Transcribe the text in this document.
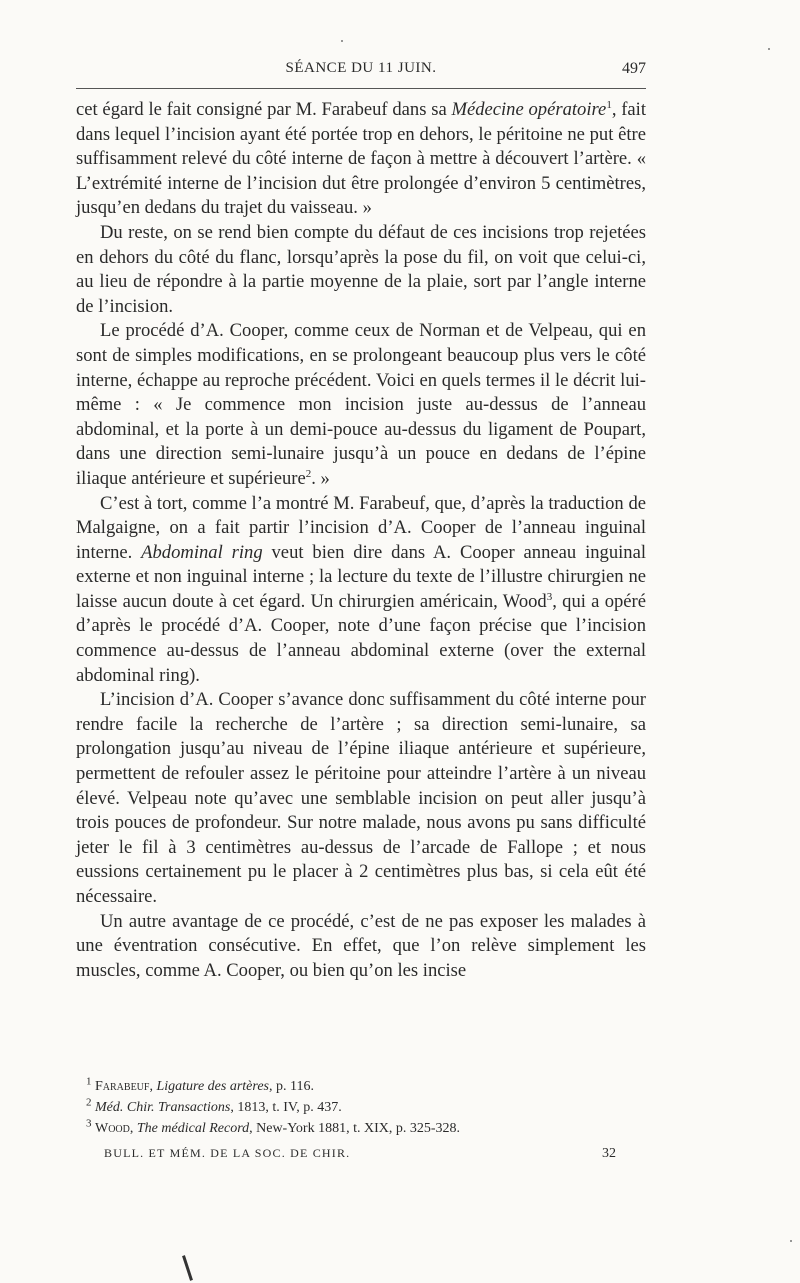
SÉANCE DU 11 JUIN.	497

cet égard le fait consigné par M. Farabeuf dans sa Médecine opératoire$^1$, fait dans lequel l’incision ayant été portée trop en dehors, le péritoine ne put être suffisamment relevé du côté interne de façon à mettre à découvert l’artère. « L’extrémité interne de l’incision dut être prolongée d’environ 5 centimètres, jusqu’en dedans du trajet du vaisseau. »

Du reste, on se rend bien compte du défaut de ces incisions trop rejetées en dehors du côté du flanc, lorsqu’après la pose du fil, on voit que celui-ci, au lieu de répondre à la partie moyenne de la plaie, sort par l’angle interne de l’incision.

Le procédé d’A. Cooper, comme ceux de Norman et de Velpeau, qui en sont de simples modifications, en se prolongeant beaucoup plus vers le côté interne, échappe au reproche précédent. Voici en quels termes il le décrit lui-même : « Je commence mon incision juste au-dessus de l’anneau abdominal, et la porte à un demi-pouce au-dessus du ligament de Poupart, dans une direction semi-lunaire jusqu’à un pouce en dedans de l’épine iliaque antérieure et supérieure$^2$. »

C’est à tort, comme l’a montré M. Farabeuf, que, d’après la traduction de Malgaigne, on a fait partir l’incision d’A. Cooper de l’anneau inguinal interne. Abdominal ring veut bien dire dans A. Cooper anneau inguinal externe et non inguinal interne ; la lecture du texte de l’illustre chirurgien ne laisse aucun doute à cet égard. Un chirurgien américain, Wood$^3$, qui a opéré d’après le procédé d’A. Cooper, note d’une façon précise que l’incision commence au-dessus de l’anneau abdominal externe (over the external abdominal ring).

L’incision d’A. Cooper s’avance donc suffisamment du côté interne pour rendre facile la recherche de l’artère ; sa direction semi-lunaire, sa prolongation jusqu’au niveau de l’épine iliaque antérieure et supérieure, permettent de refouler assez le péritoine pour atteindre l’artère à un niveau élevé. Velpeau note qu’avec une semblable incision on peut aller jusqu’à trois pouces de profondeur. Sur notre malade, nous avons pu sans difficulté jeter le fil à 3 centimètres au-dessus de l’arcade de Fallope ; et nous eussions certainement pu le placer à 2 centimètres plus bas, si cela eût été nécessaire.

Un autre avantage de ce procédé, c’est de ne pas exposer les malades à une éventration consécutive. En effet, que l’on relève simplement les muscles, comme A. Cooper, ou bien qu’on les incise

$^1$ Farabeuf, Ligature des artères, p. 116.
$^2$ Méd. Chir. Transactions, 1813, t. IV, p. 437.
$^3$ Wood, The médical Record, New-York 1881, t. XIX, p. 325-328.
BULL. ET MÉM. DE LA SOC. DE CHIR.	32
